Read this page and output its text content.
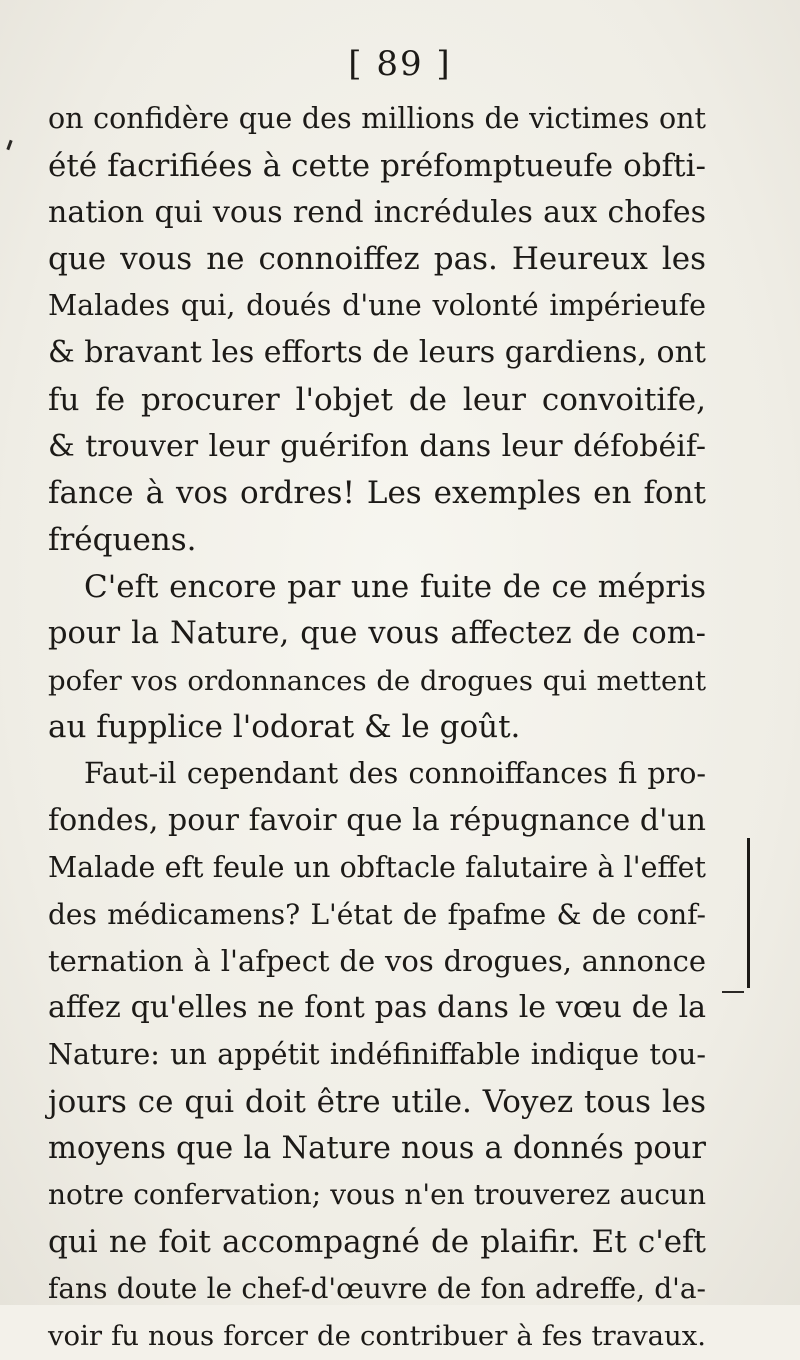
[ 89 ]
on confidère que des millions de victimes ont
été facrifiées à cette préfomptueufe obfti-
nation qui vous rend incrédules aux chofes
que vous ne connoiffez pas. Heureux les
Malades qui, doués d'une volonté impérieufe
& bravant les efforts de leurs gardiens, ont
fu fe procurer l'objet de leur convoitife,
& trouver leur guérifon dans leur défobéif-
fance à vos ordres! Les exemples en font
fréquens.
C'eft encore par une fuite de ce mépris
pour la Nature, que vous affectez de com-
pofer vos ordonnances de drogues qui mettent
au fupplice l'odorat & le goût.
Faut-il cependant des connoiffances fi pro-
fondes, pour favoir que la répugnance d'un
Malade eft feule un obftacle falutaire à l'effet
des médicamens? L'état de fpafme & de conf-
ternation à l'afpect de vos drogues, annonce
affez qu'elles ne font pas dans le vœu de la
Nature: un appétit indéfiniffable indique tou-
jours ce qui doit être utile. Voyez tous les
moyens que la Nature nous a donnés pour
notre confervation; vous n'en trouverez aucun
qui ne foit accompagné de plaifir. Et c'eft
fans doute le chef-d'œuvre de fon adreffe, d'a-
voir fu nous forcer de contribuer à fes travaux.
